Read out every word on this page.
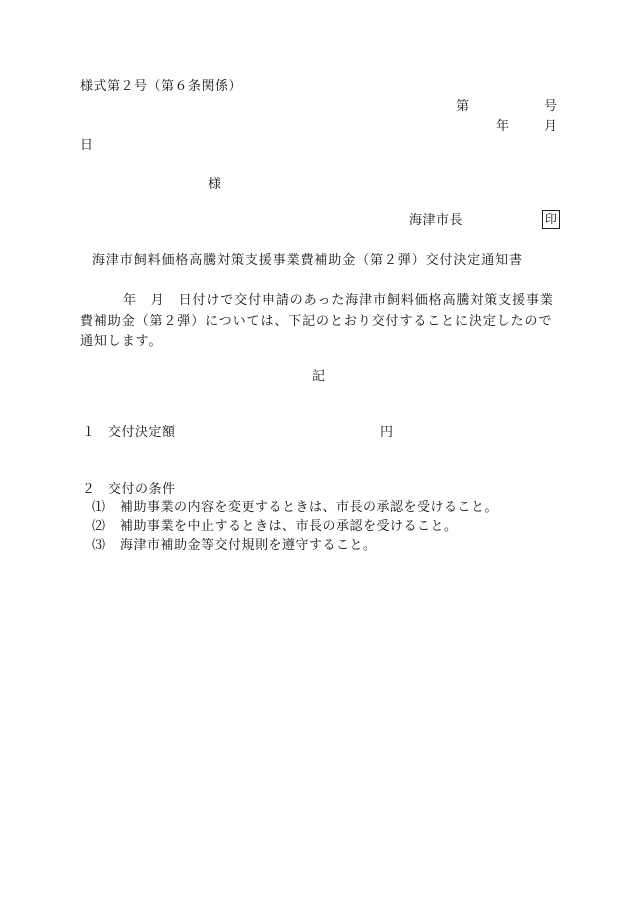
様式第２号（第６条関係）
第	号
年	月
日
様
海津市長	印
海津市飼料価格高騰対策支援事業費補助金（第２弾）交付決定通知書
年　月　日付けで交付申請のあった海津市飼料価格高騰対策支援事業費補助金（第２弾）については、下記のとおり交付することに決定したので通知します。
記
１ 交付決定額	円
２ 交付の条件
⑴ 補助事業の内容を変更するときは、市長の承認を受けること。
⑵ 補助事業を中止するときは、市長の承認を受けること。
⑶ 海津市補助金等交付規則を遵守すること。
